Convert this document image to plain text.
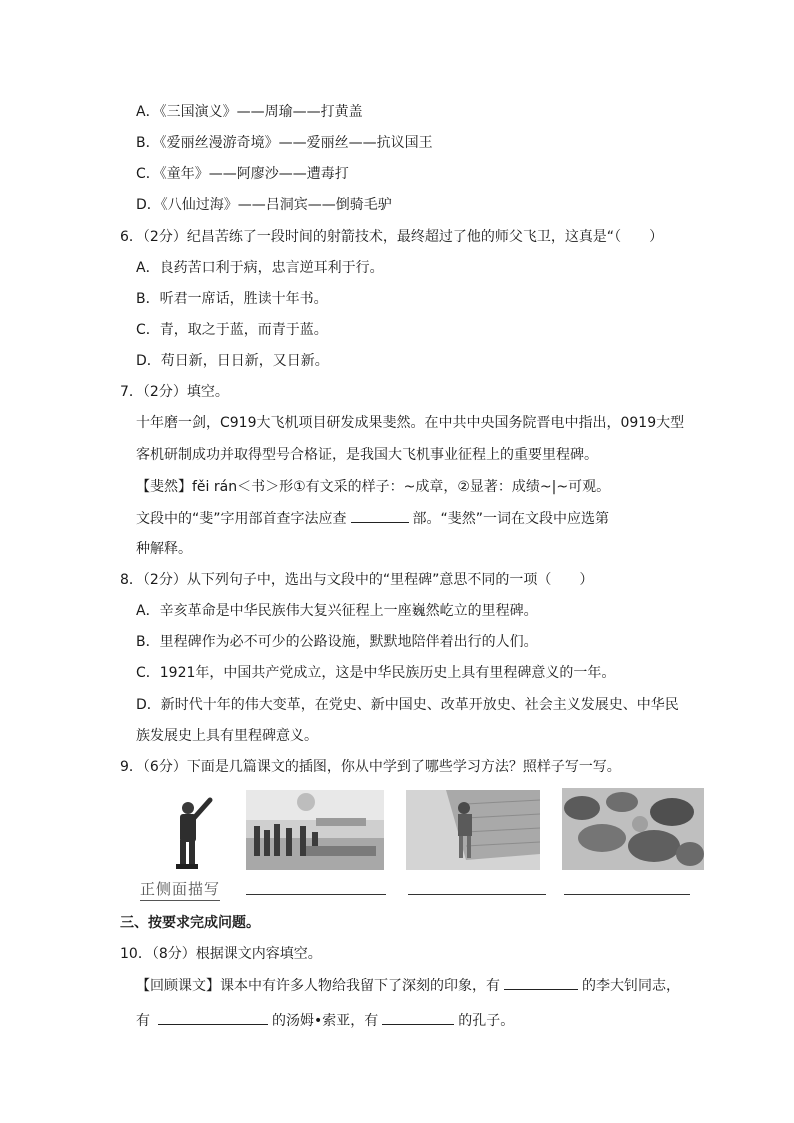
A．《三国演义》——周瑜——打黄盖
B．《爱丽丝漫游奇境》——爱丽丝——抗议国王
C．《童年》——阿廖沙——遭毒打
D．《八仙过海》——吕洞宾——倒骑毛驴
6．（2分）纪昌苦练了一段时间的射箭技术，最终超过了他的师父飞卫，这真是“（　　）
A．良药苦口利于病，忠言逆耳利于行。
B．听君一席话，胜读十年书。
C．青，取之于蓝，而青于蓝。
D．苟日新，日日新，又日新。
7．（2分）填空。
十年磨一剑，C919大飞机项目研发成果斐然。在中共中央国务院晋电中指出，0919大型
客机研制成功并取得型号合格证，是我国大飞机事业征程上的重要里程碑。
【斐然】fěi rán＜书＞形①有文采的样子：~成章，②显著：成绩~|~可观。
文段中的“斐”字用部首查字法应查	部。“斐然”一词在文段中应选第
种解释。
8．（2分）从下列句子中，选出与文段中的“里程碑”意思不同的一项（　　）
A．辛亥革命是中华民族伟大复兴征程上一座巍然屹立的里程碑。
B．里程碑作为必不可少的公路设施，默默地陪伴着出行的人们。
C．1921年，中国共产党成立，这是中华民族历史上具有里程碑意义的一年。
D．新时代十年的伟大变革，在党史、新中国史、改革开放史、社会主义发展史、中华民
族发展史上具有里程碑意义。
9．（6分）下面是几篇课文的插图，你从中学到了哪些学习方法？照样子写一写。
正侧面描写
三、按要求完成问题。
10．（8分）根据课文内容填空。
【回顾课文】课本中有许多人物给我留下了深刻的印象，有	的李大钊同志，
有	的汤姆•索亚，有	的孔子。
